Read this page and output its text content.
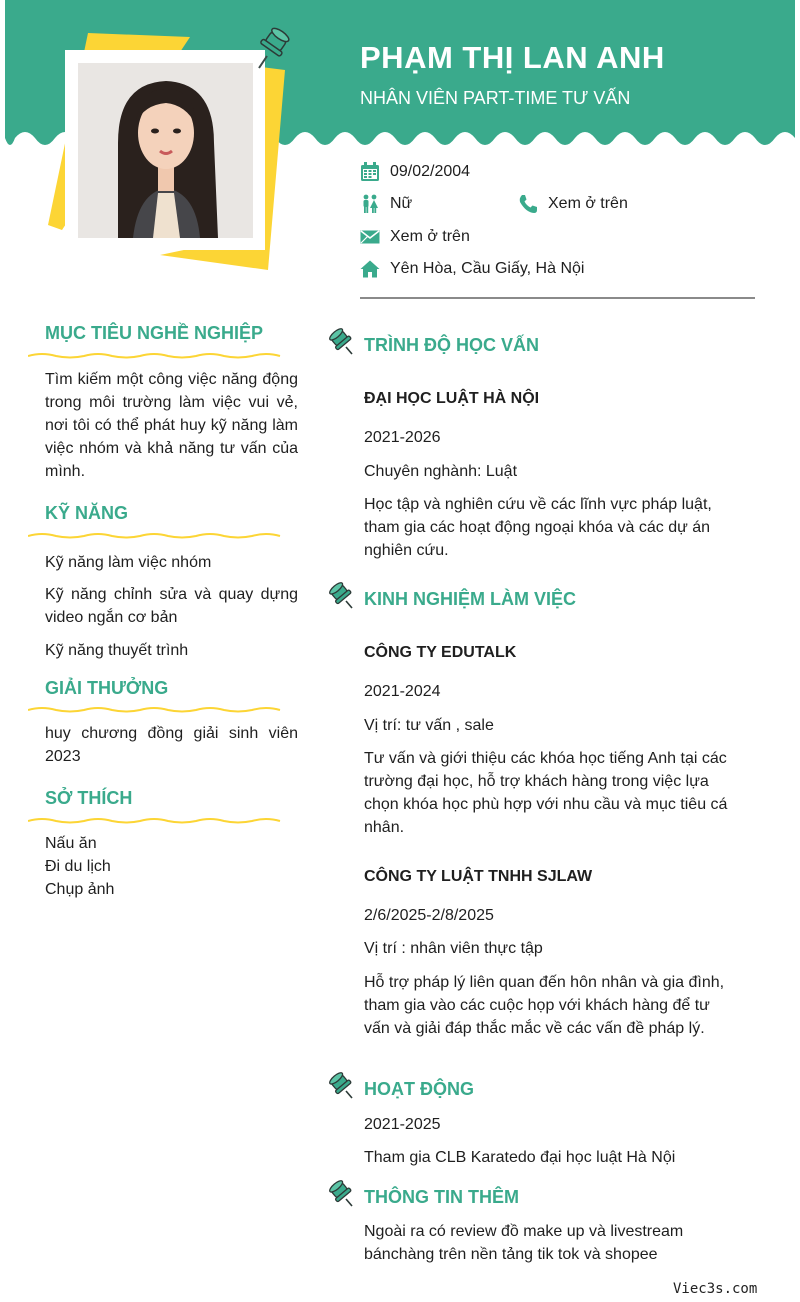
PHẠM THỊ LAN ANH

NHÂN VIÊN PART-TIME TƯ VẤN

09/02/2004
Nữ	Xem ở trên
Xem ở trên
Yên Hòa, Cầu Giấy, Hà Nội
MỤC TIÊU NGHỀ NGHIỆP

Tìm kiếm một công việc năng động trong môi trường làm việc vui vẻ, nơi tôi có thể phát huy kỹ năng làm việc nhóm và khả năng tư vấn của mình.

KỸ NĂNG

Kỹ năng làm việc nhóm

Kỹ năng chỉnh sửa và quay dựng video ngắn cơ bản

Kỹ năng thuyết trình

GIẢI THƯỞNG

huy chương đồng giải sinh viên 2023

SỞ THÍCH

Nấu ăn

Đi du lịch

Chụp ảnh

TRÌNH ĐỘ HỌC VẤN

ĐẠI HỌC LUẬT HÀ NỘI

2021-2026

Chuyên nghành: Luật

Học tập và nghiên cứu về các lĩnh vực pháp luật, tham gia các hoạt động ngoại khóa và các dự án nghiên cứu.

KINH NGHIỆM LÀM VIỆC

CÔNG TY EDUTALK

2021-2024

Vị trí: tư vấn , sale

Tư vấn và giới thiệu các khóa học tiếng Anh tại các trường đại học, hỗ trợ khách hàng trong việc lựa chọn khóa học phù hợp với nhu cầu và mục tiêu cá nhân.

CÔNG TY LUẬT TNHH SJLAW

2/6/2025-2/8/2025

Vị trí : nhân viên thực tập

Hỗ trợ pháp lý liên quan đến hôn nhân và gia đình, tham gia vào các cuộc họp với khách hàng để tư vấn và giải đáp thắc mắc về các vấn đề pháp lý.

HOẠT ĐỘNG

2021-2025

Tham gia CLB Karatedo đại học luật Hà Nội

THÔNG TIN THÊM

Ngoài ra có review đồ make up và livestream bánchàng trên nền tảng tik tok và shopee

Viec3s.com
